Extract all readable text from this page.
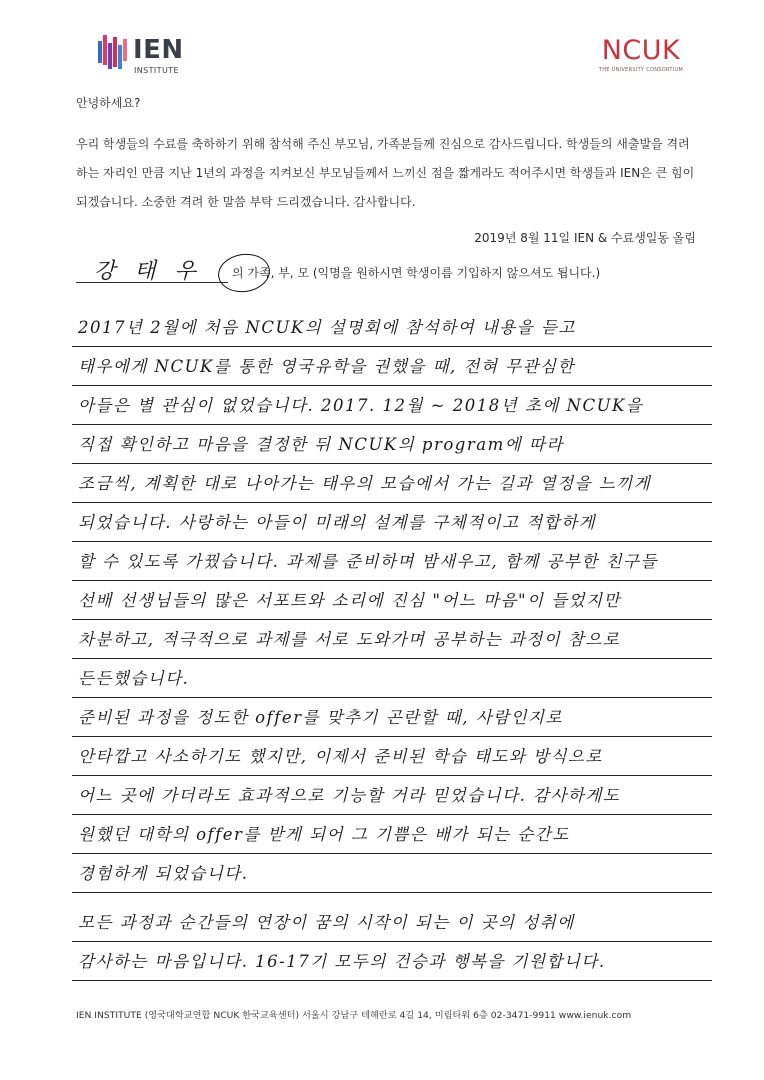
IEN
INSTITUTE
NCUK
THE UNIVERSITY CONSORTIUM
안녕하세요?
우리 학생들의 수료를 축하하기 위해 참석해 주신 부모님, 가족분들께 진심으로 감사드립니다. 학생들의 새출발을 격려하는 자리인 만큼 지난 1년의 과정을 지켜보신 부모님들께서 느끼신 점을 짧게라도 적어주시면 학생들과 IEN은 큰 힘이 되겠습니다. 소중한 격려 한 말씀 부탁 드리겠습니다. 감사합니다.
2019년 8월 11일 IEN & 수료생일동 올림
강 태 우	의 가족, 부, 모 (익명을 원하시면 학생이름 기입하지 않으셔도 됩니다.)
2017년 2월에 처음 NCUK의 설명회에 참석하여 내용을 듣고
태우에게 NCUK를 통한 영국유학을 권했을 때, 전혀 무관심한
아들은 별 관심이 없었습니다. 2017. 12월 ~ 2018년 초에 NCUK을
직접 확인하고 마음을 결정한 뒤 NCUK의 program에 따라
조금씩, 계획한 대로 나아가는 태우의 모습에서 가는 길과 열정을 느끼게
되었습니다. 사랑하는 아들이 미래의 설계를 구체적이고 적합하게
할 수 있도록 가꿨습니다. 과제를 준비하며 밤새우고, 함께 공부한 친구들
선배 선생님들의 많은 서포트와 소리에 진심 "어느 마음"이 들었지만
차분하고, 적극적으로 과제를 서로 도와가며 공부하는 과정이 참으로
든든했습니다.
준비된 과정을 정도한 offer를 맞추기 곤란할 때, 사람인지로
안타깝고 사소하기도 했지만, 이제서 준비된 학습 태도와 방식으로
어느 곳에 가더라도 효과적으로 기능할 거라 믿었습니다. 감사하게도
원했던 대학의 offer를 받게 되어 그 기쁨은 배가 되는 순간도
경험하게 되었습니다.
모든 과정과 순간들의 연장이 꿈의 시작이 되는 이 곳의 성취에
감사하는 마음입니다. 16-17기 모두의 건승과 행복을 기원합니다.
IEN INSTITUTE (영국대학교연합 NCUK 한국교육센터) 서울시 강남구 테헤란로 4길 14, 미림타워 6층 02-3471-9911 www.ienuk.com
